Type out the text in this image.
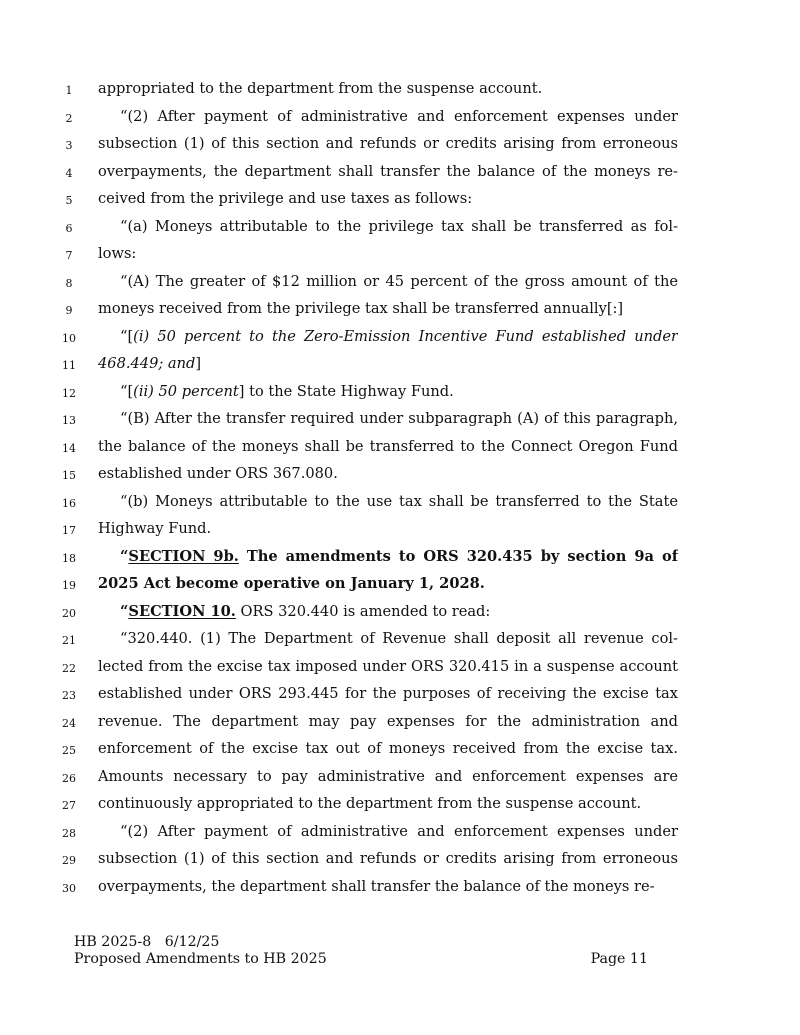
1	appropriated to the department from the suspense account.
2	“(2) After payment of administrative and enforcement expenses under
3	subsection (1) of this section and refunds or credits arising from erroneous
4	overpayments, the department shall transfer the balance of the moneys re-
5	ceived from the privilege and use taxes as follows:
6	“(a) Moneys attributable to the privilege tax shall be transferred as fol-
7	lows:
8	“(A) The greater of $12 million or 45 percent of the gross amount of the
9	moneys received from the privilege tax shall be transferred annually[:]
10	“[(i) 50 percent to the Zero-Emission Incentive Fund established under
11	468.449; and]
12	“[(ii) 50 percent] to the State Highway Fund.
13	“(B) After the transfer required under subparagraph (A) of this paragraph,
14	the balance of the moneys shall be transferred to the Connect Oregon Fund
15	established under ORS 367.080.
16	“(b) Moneys attributable to the use tax shall be transferred to the State
17	Highway Fund.
18	“SECTION 9b. The amendments to ORS 320.435 by section 9a of
19	2025 Act become operative on January 1, 2028.
20	“SECTION 10. ORS 320.440 is amended to read:
21	“320.440. (1) The Department of Revenue shall deposit all revenue col-
22	lected from the excise tax imposed under ORS 320.415 in a suspense account
23	established under ORS 293.445 for the purposes of receiving the excise tax
24	revenue. The department may pay expenses for the administration and
25	enforcement of the excise tax out of moneys received from the excise tax.
26	Amounts necessary to pay administrative and enforcement expenses are
27	continuously appropriated to the department from the suspense account.
28	“(2) After payment of administrative and enforcement expenses under
29	subsection (1) of this section and refunds or credits arising from erroneous
30	overpayments, the department shall transfer the balance of the moneys re-
HB 2025-8   6/12/25
Proposed Amendments to HB 2025	Page 11
